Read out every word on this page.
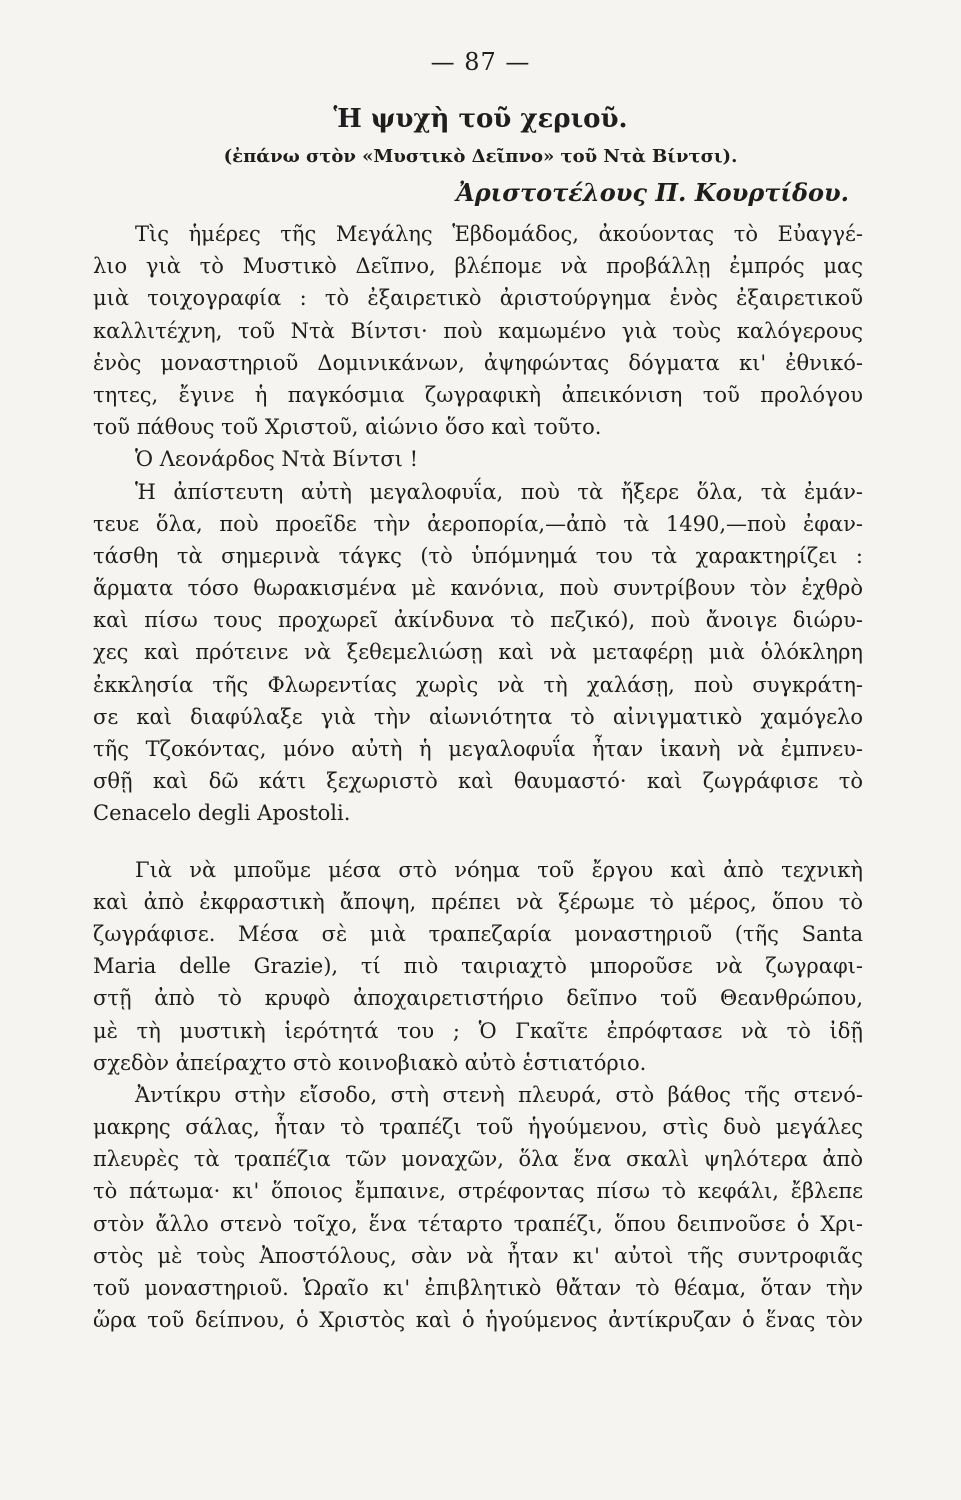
— 87 —
Ἡ ψυχὴ τοῦ χεριοῦ.
(ἐπάνω στὸν «Μυστικὸ Δεῖπνο» τοῦ Ντὰ Βίντσι).
Ἀριστοτέλους Π. Κουρτίδου.

Τὶς ἡμέρες τῆς Μεγάλης Ἑβδομάδος, ἀκούοντας τὸ Εὐαγγέ-
λιο γιὰ τὸ Μυστικὸ Δεῖπνο, βλέπομε νὰ προβάλλῃ ἐμπρός μας
μιὰ τοιχογραφία : τὸ ἐξαιρετικὸ ἀριστούργημα ἑνὸς ἐξαιρετικοῦ
καλλιτέχνη, τοῦ Ντὰ Βίντσι· ποὺ καμωμένο γιὰ τοὺς καλόγερους
ἑνὸς μοναστηριοῦ Δομινικάνων, ἀψηφώντας δόγματα κι' ἐθνικό-
τητες, ἔγινε ἡ παγκόσμια ζωγραφικὴ ἀπεικόνιση τοῦ προλόγου
τοῦ πάθους τοῦ Χριστοῦ, αἰώνιο ὅσο καὶ τοῦτο.

Ὁ Λεονάρδος Ντὰ Βίντσι !

Ἡ ἀπίστευτη αὐτὴ μεγαλοφυΐα, ποὺ τὰ ἤξερε ὅλα, τὰ ἐμάν-
τευε ὅλα, ποὺ προεῖδε τὴν ἀεροπορία,—ἀπὸ τὰ 1490,—ποὺ ἐφαν-
τάσθη τὰ σημερινὰ τάγκς (τὸ ὑπόμνημά του τὰ χαρακτηρίζει :
ἅρματα τόσο θωρακισμένα μὲ κανόνια, ποὺ συντρίβουν τὸν ἐχθρὸ
καὶ πίσω τους προχωρεῖ ἀκίνδυνα τὸ πεζικό), ποὺ ἄνοιγε διώρυ-
χες καὶ πρότεινε νὰ ξεθεμελιώσῃ καὶ νὰ μεταφέρῃ μιὰ ὁλόκληρη
ἐκκλησία τῆς Φλωρεντίας χωρὶς νὰ τὴ χαλάσῃ, ποὺ συγκράτη-
σε καὶ διαφύλαξε γιὰ τὴν αἰωνιότητα τὸ αἰνιγματικὸ χαμόγελο
τῆς Τζοκόντας, μόνο αὐτὴ ἡ μεγαλοφυΐα ἦταν ἱκανὴ νὰ ἐμπνευ-
σθῇ καὶ δῶ κάτι ξεχωριστὸ καὶ θαυμαστό· καὶ ζωγράφισε τὸ
Cenacelo degli Apostoli.

Γιὰ νὰ μποῦμε μέσα στὸ νόημα τοῦ ἔργου καὶ ἀπὸ τεχνικὴ
καὶ ἀπὸ ἐκφραστικὴ ἄποψη, πρέπει νὰ ξέρωμε τὸ μέρος, ὅπου τὸ
ζωγράφισε. Μέσα σὲ μιὰ τραπεζαρία μοναστηριοῦ (τῆς Santa
Maria delle Grazie), τί πιὸ ταιριαχτὸ μποροῦσε νὰ ζωγραφι-
στῇ ἀπὸ τὸ κρυφὸ ἀποχαιρετιστήριο δεῖπνο τοῦ Θεανθρώπου,
μὲ τὴ μυστικὴ ἱερότητά του ; Ὁ Γκαῖτε ἐπρόφτασε νὰ τὸ ἰδῇ
σχεδὸν ἀπείραχτο στὸ κοινοβιακὸ αὐτὸ ἑστιατόριο.

Ἀντίκρυ στὴν εἴσοδο, στὴ στενὴ πλευρά, στὸ βάθος τῆς στενό-
μακρης σάλας, ἦταν τὸ τραπέζι τοῦ ἡγούμενου, στὶς δυὸ μεγάλες
πλευρὲς τὰ τραπέζια τῶν μοναχῶν, ὅλα ἕνα σκαλὶ ψηλότερα ἀπὸ
τὸ πάτωμα· κι' ὅποιος ἔμπαινε, στρέφοντας πίσω τὸ κεφάλι, ἔβλεπε
στὸν ἄλλο στενὸ τοῖχο, ἕνα τέταρτο τραπέζι, ὅπου δειπνοῦσε ὁ Χρι-
στὸς μὲ τοὺς Ἀποστόλους, σὰν νὰ ἦταν κι' αὐτοὶ τῆς συντροφιᾶς
τοῦ μοναστηριοῦ. Ὡραῖο κι' ἐπιβλητικὸ θἄταν τὸ θέαμα, ὅταν τὴν
ὥρα τοῦ δείπνου, ὁ Χριστὸς καὶ ὁ ἡγούμενος ἀντίκρυζαν ὁ ἕνας τὸν
